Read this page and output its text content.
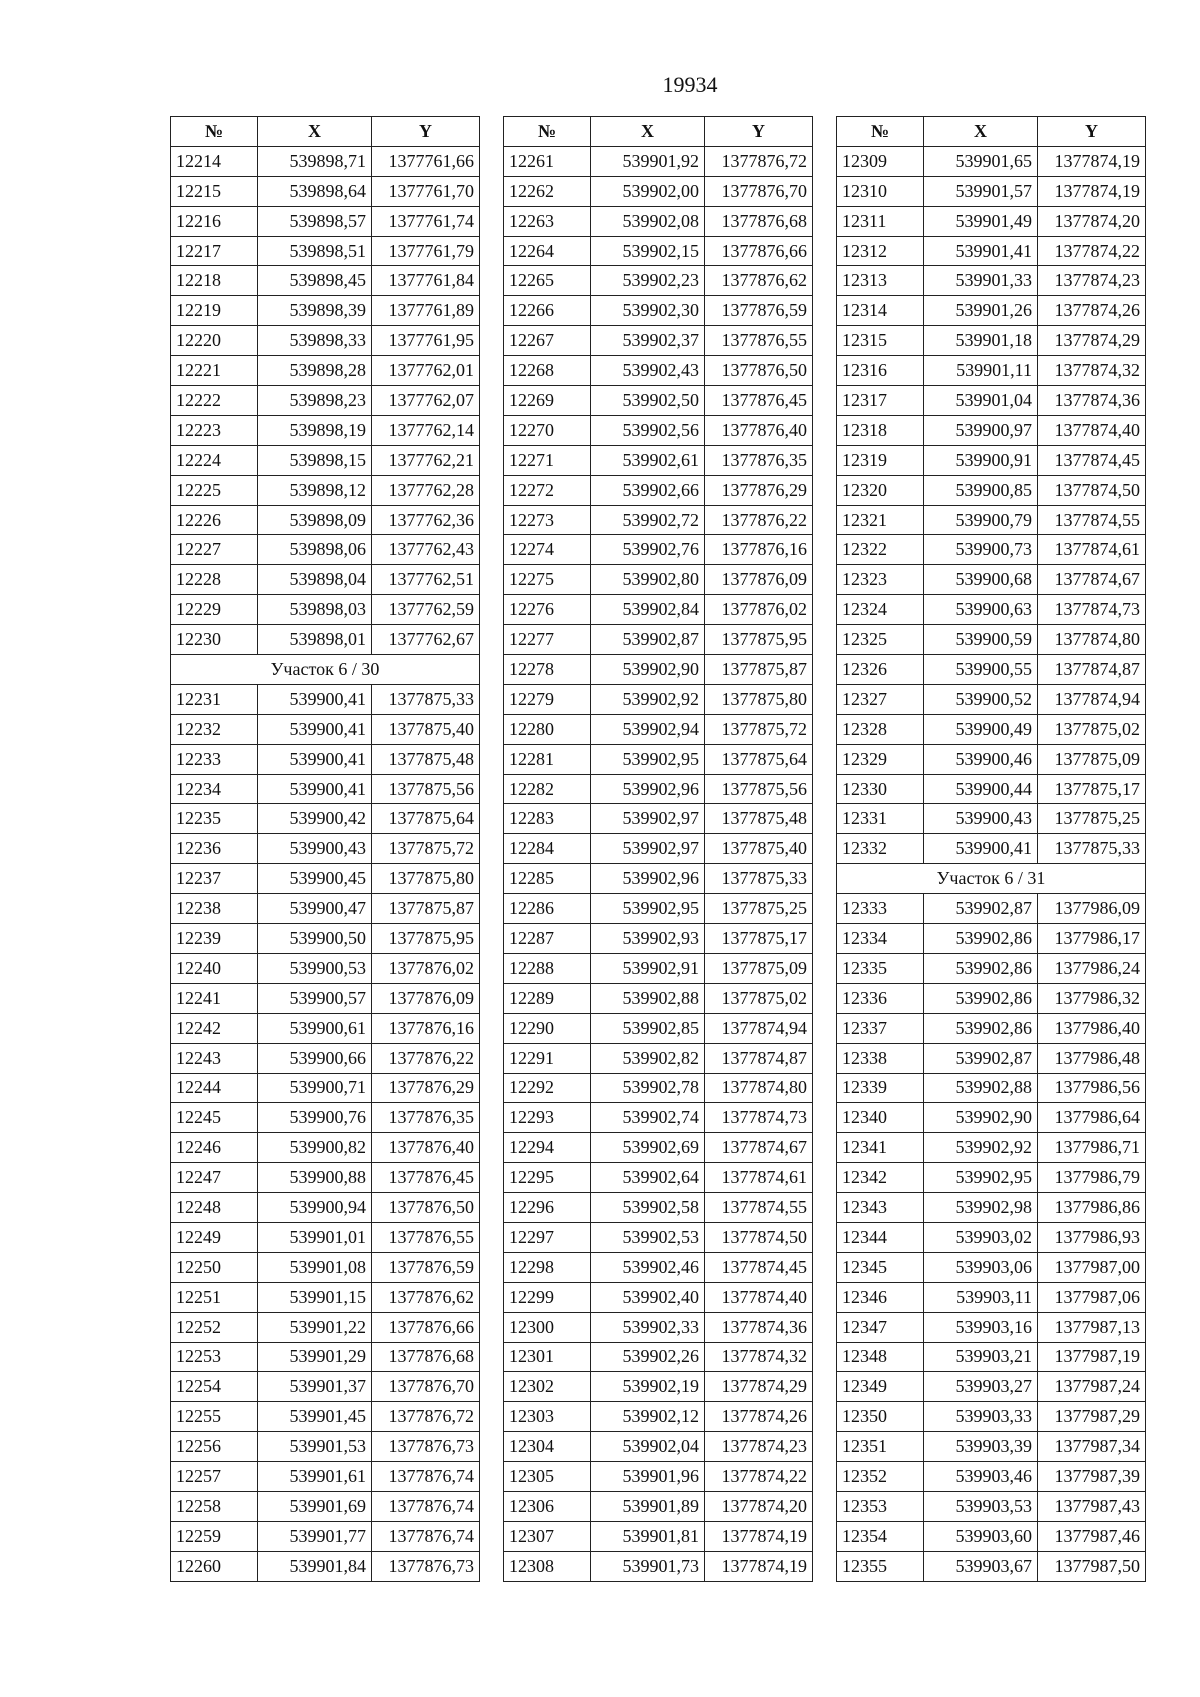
19934
№	X	Y
12214	539898,71	1377761,66
12215	539898,64	1377761,70
12216	539898,57	1377761,74
12217	539898,51	1377761,79
12218	539898,45	1377761,84
12219	539898,39	1377761,89
12220	539898,33	1377761,95
12221	539898,28	1377762,01
12222	539898,23	1377762,07
12223	539898,19	1377762,14
12224	539898,15	1377762,21
12225	539898,12	1377762,28
12226	539898,09	1377762,36
12227	539898,06	1377762,43
12228	539898,04	1377762,51
12229	539898,03	1377762,59
12230	539898,01	1377762,67
Участок 6 / 30		
12231	539900,41	1377875,33
12232	539900,41	1377875,40
12233	539900,41	1377875,48
12234	539900,41	1377875,56
12235	539900,42	1377875,64
12236	539900,43	1377875,72
12237	539900,45	1377875,80
12238	539900,47	1377875,87
12239	539900,50	1377875,95
12240	539900,53	1377876,02
12241	539900,57	1377876,09
12242	539900,61	1377876,16
12243	539900,66	1377876,22
12244	539900,71	1377876,29
12245	539900,76	1377876,35
12246	539900,82	1377876,40
12247	539900,88	1377876,45
12248	539900,94	1377876,50
12249	539901,01	1377876,55
12250	539901,08	1377876,59
12251	539901,15	1377876,62
12252	539901,22	1377876,66
12253	539901,29	1377876,68
12254	539901,37	1377876,70
12255	539901,45	1377876,72
12256	539901,53	1377876,73
12257	539901,61	1377876,74
12258	539901,69	1377876,74
12259	539901,77	1377876,74
12260	539901,84	1377876,73
№	X	Y
12261	539901,92	1377876,72
12262	539902,00	1377876,70
12263	539902,08	1377876,68
12264	539902,15	1377876,66
12265	539902,23	1377876,62
12266	539902,30	1377876,59
12267	539902,37	1377876,55
12268	539902,43	1377876,50
12269	539902,50	1377876,45
12270	539902,56	1377876,40
12271	539902,61	1377876,35
12272	539902,66	1377876,29
12273	539902,72	1377876,22
12274	539902,76	1377876,16
12275	539902,80	1377876,09
12276	539902,84	1377876,02
12277	539902,87	1377875,95
12278	539902,90	1377875,87
12279	539902,92	1377875,80
12280	539902,94	1377875,72
12281	539902,95	1377875,64
12282	539902,96	1377875,56
12283	539902,97	1377875,48
12284	539902,97	1377875,40
12285	539902,96	1377875,33
12286	539902,95	1377875,25
12287	539902,93	1377875,17
12288	539902,91	1377875,09
12289	539902,88	1377875,02
12290	539902,85	1377874,94
12291	539902,82	1377874,87
12292	539902,78	1377874,80
12293	539902,74	1377874,73
12294	539902,69	1377874,67
12295	539902,64	1377874,61
12296	539902,58	1377874,55
12297	539902,53	1377874,50
12298	539902,46	1377874,45
12299	539902,40	1377874,40
12300	539902,33	1377874,36
12301	539902,26	1377874,32
12302	539902,19	1377874,29
12303	539902,12	1377874,26
12304	539902,04	1377874,23
12305	539901,96	1377874,22
12306	539901,89	1377874,20
12307	539901,81	1377874,19
12308	539901,73	1377874,19
№	X	Y
12309	539901,65	1377874,19
12310	539901,57	1377874,19
12311	539901,49	1377874,20
12312	539901,41	1377874,22
12313	539901,33	1377874,23
12314	539901,26	1377874,26
12315	539901,18	1377874,29
12316	539901,11	1377874,32
12317	539901,04	1377874,36
12318	539900,97	1377874,40
12319	539900,91	1377874,45
12320	539900,85	1377874,50
12321	539900,79	1377874,55
12322	539900,73	1377874,61
12323	539900,68	1377874,67
12324	539900,63	1377874,73
12325	539900,59	1377874,80
12326	539900,55	1377874,87
12327	539900,52	1377874,94
12328	539900,49	1377875,02
12329	539900,46	1377875,09
12330	539900,44	1377875,17
12331	539900,43	1377875,25
12332	539900,41	1377875,33
Участок 6 / 31		
12333	539902,87	1377986,09
12334	539902,86	1377986,17
12335	539902,86	1377986,24
12336	539902,86	1377986,32
12337	539902,86	1377986,40
12338	539902,87	1377986,48
12339	539902,88	1377986,56
12340	539902,90	1377986,64
12341	539902,92	1377986,71
12342	539902,95	1377986,79
12343	539902,98	1377986,86
12344	539903,02	1377986,93
12345	539903,06	1377987,00
12346	539903,11	1377987,06
12347	539903,16	1377987,13
12348	539903,21	1377987,19
12349	539903,27	1377987,24
12350	539903,33	1377987,29
12351	539903,39	1377987,34
12352	539903,46	1377987,39
12353	539903,53	1377987,43
12354	539903,60	1377987,46
12355	539903,67	1377987,50
